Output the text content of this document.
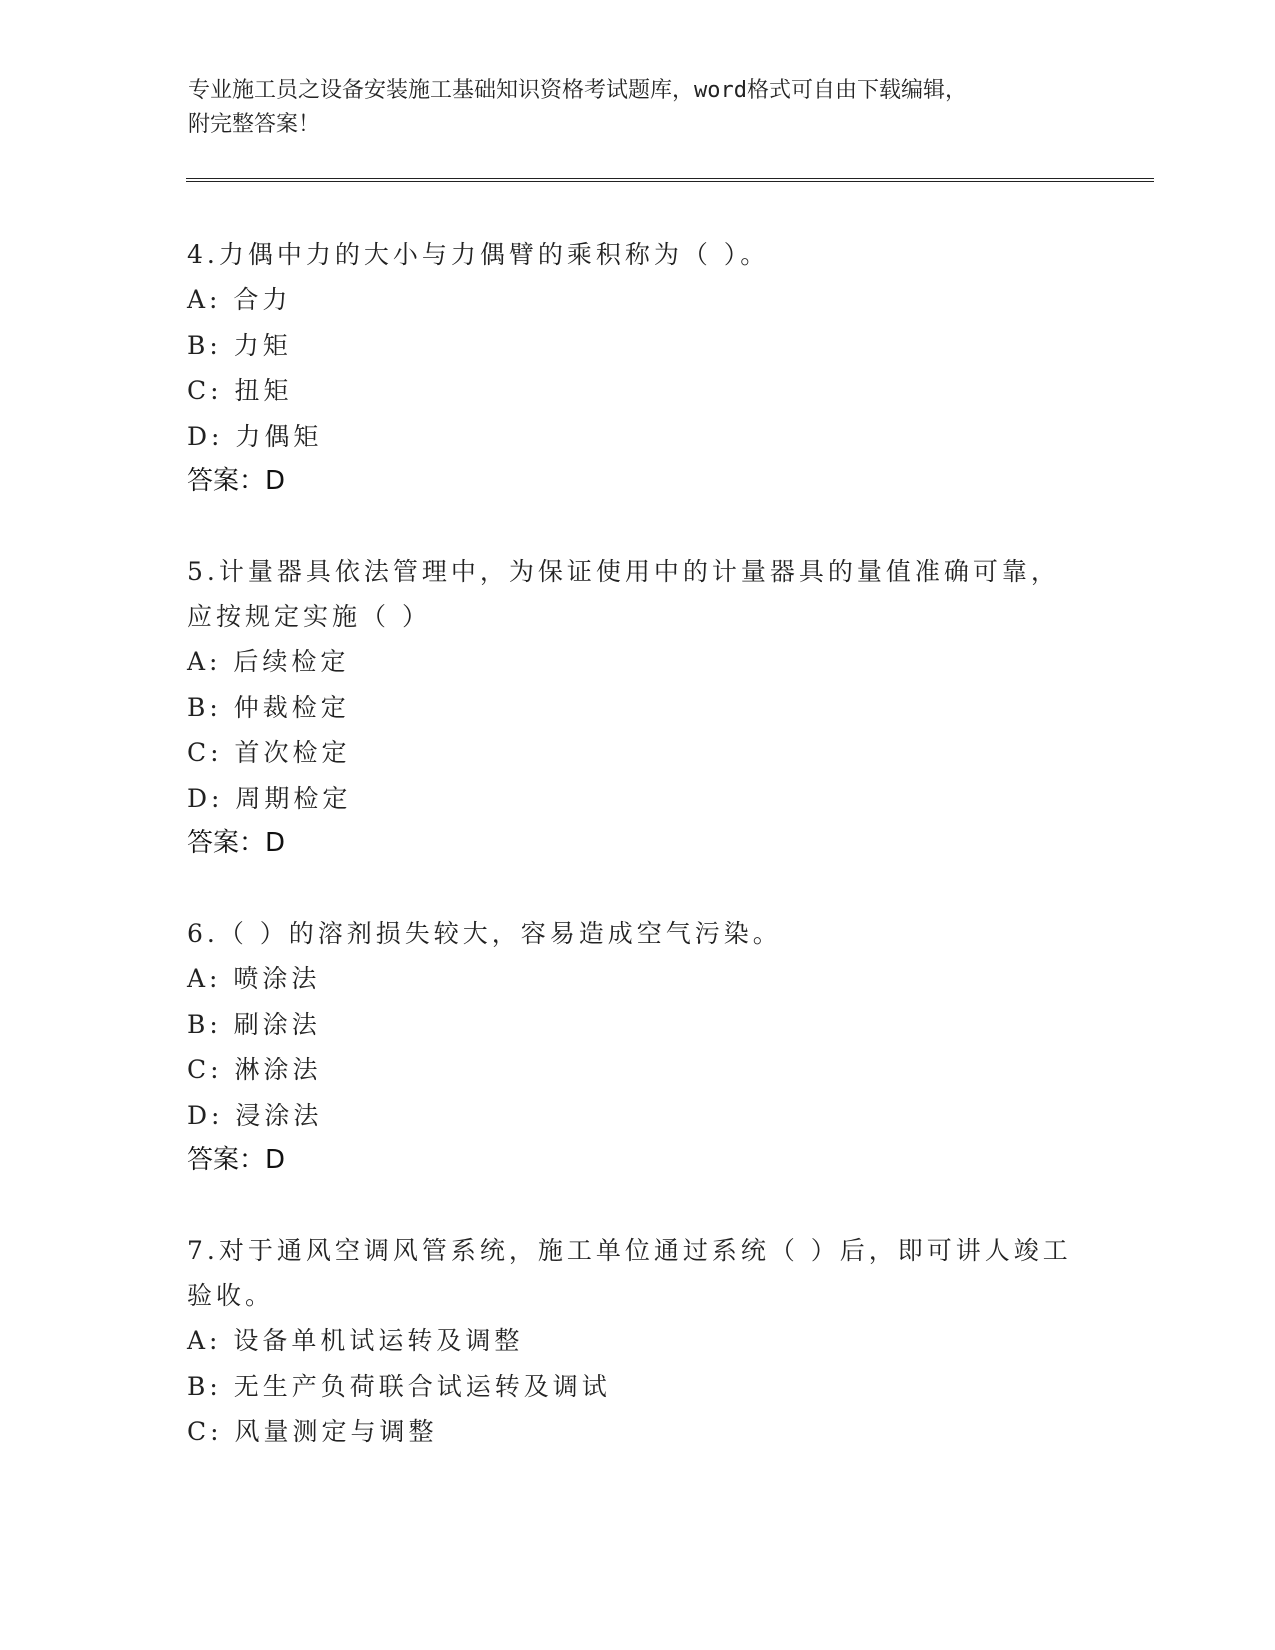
专业施工员之设备安装施工基础知识资格考试题库，word格式可自由下载编辑，
附完整答案！

4.力偶中力的大小与力偶臂的乘积称为（ ）。

A: 合力

B: 力矩

C: 扭矩

D: 力偶矩

答案：D

5.计量器具依法管理中，为保证使用中的计量器具的量值准确可靠，应按规定实施（ ）

A: 后续检定

B: 仲裁检定

C: 首次检定

D: 周期检定

答案：D

6.（ ）的溶剂损失较大，容易造成空气污染。

A: 喷涂法

B: 刷涂法

C: 淋涂法

D: 浸涂法

答案：D

7.对于通风空调风管系统，施工单位通过系统（ ）后，即可讲人竣工验收。

A: 设备单机试运转及调整

B: 无生产负荷联合试运转及调试

C: 风量测定与调整
